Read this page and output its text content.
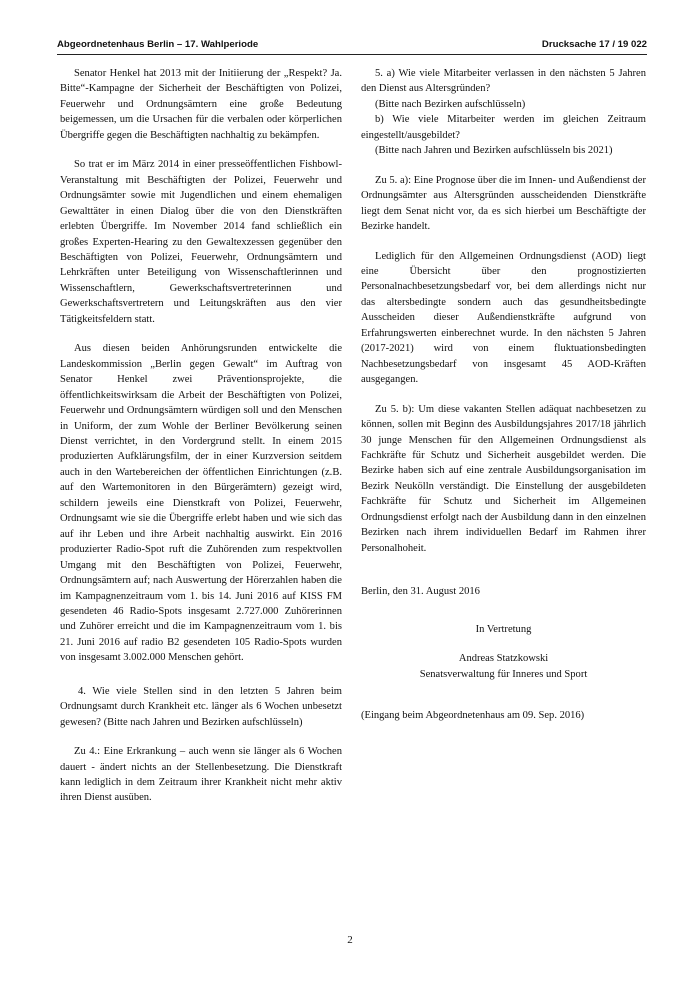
Abgeordnetenhaus Berlin – 17. Wahlperiode	Drucksache 17 / 19 022

Senator Henkel hat 2013 mit der Initiierung der „Respekt? Ja. Bitte“-Kampagne der Sicherheit der Beschäftigten von Polizei, Feuerwehr und Ordnungsämtern eine große Bedeutung beigemessen, um die Ursachen für die verbalen oder körperlichen Übergriffe gegen die Beschäftigten nachhaltig zu bekämpfen.

So trat er im März 2014 in einer presseöffentlichen Fishbowl-Veranstaltung mit Beschäftigten der Polizei, Feuerwehr und Ordnungsämter sowie mit Jugendlichen und einem ehemaligen Gewalttäter in einen Dialog über die von den Dienstkräften erlebten Übergriffe. Im November 2014 fand schließlich ein großes Experten-Hearing zu den Gewaltexzessen gegenüber den Beschäftigten von Polizei, Feuerwehr, Ordnungsämtern und Lehrkräften unter Beteiligung von Wissenschaftlerinnen und Wissenschaftlern, Gewerkschaftsvertreterinnen und Gewerkschaftsvertretern und Leitungskräften aus den vier Tätigkeitsfeldern statt.

Aus diesen beiden Anhörungsrunden entwickelte die Landeskommission „Berlin gegen Gewalt“ im Auftrag von Senator Henkel zwei Präventionsprojekte, die öffentlichkeitswirksam die Arbeit der Beschäftigten von Polizei, Feuerwehr und Ordnungsämtern würdigen soll und den Menschen in Uniform, der zum Wohle der Berliner Bevölkerung seinen Dienst verrichtet, in den Vordergrund stellt. In einem 2015 produzierten Aufklärungsfilm, der in einer Kurzversion seitdem auch in den Wartebereichen der öffentlichen Einrichtungen (z.B. auf den Wartemonitoren in den Bürgerämtern) gezeigt wird, schildern jeweils eine Dienstkraft von Polizei, Feuerwehr, Ordnungsamt wie sie die Übergriffe erlebt haben und wie sich das auf ihr Leben und ihre Arbeit nachhaltig auswirkt. Ein 2016 produzierter Radio-Spot ruft die Zuhörenden zum respektvollen Umgang mit den Beschäftigten von Polizei, Feuerwehr, Ordnungsämtern auf; nach Auswertung der Hörerzahlen haben die im Kampagnenzeitraum vom 1. bis 14. Juni 2016 auf KISS FM gesendeten 46 Radio-Spots insgesamt 2.727.000 Zuhörerinnen und Zuhörer erreicht und die im Kampagnenzeitraum vom 1. bis 21. Juni 2016 auf radio B2 gesendeten 105 Radio-Spots wurden von insgesamt 3.002.000 Menschen gehört.

4. Wie viele Stellen sind in den letzten 5 Jahren beim Ordnungsamt durch Krankheit etc. länger als 6 Wochen unbesetzt gewesen? (Bitte nach Jahren und Bezirken aufschlüsseln)

Zu 4.: Eine Erkrankung – auch wenn sie länger als 6 Wochen dauert - ändert nichts an der Stellenbesetzung. Die Dienstkraft kann lediglich in dem Zeitraum ihrer Krankheit nicht mehr aktiv ihren Dienst ausüben.

5. a) Wie viele Mitarbeiter verlassen in den nächsten 5 Jahren den Dienst aus Altersgründen?

(Bitte nach Bezirken aufschlüsseln)

b) Wie viele Mitarbeiter werden im gleichen Zeitraum eingestellt/ausgebildet?

(Bitte nach Jahren und Bezirken aufschlüsseln bis 2021)

Zu 5. a): Eine Prognose über die im Innen- und Außendienst der Ordnungsämter aus Altersgründen ausscheidenden Dienstkräfte liegt dem Senat nicht vor, da es sich hierbei um Beschäftigte der Bezirke handelt.

Lediglich für den Allgemeinen Ordnungsdienst (AOD) liegt eine Übersicht über den prognostizierten Personalnachbesetzungsbedarf vor, bei dem allerdings nicht nur das altersbedingte sondern auch das gesundheitsbedingte Ausscheiden dieser Außendienstkräfte aufgrund von Erfahrungswerten einberechnet wurde. In den nächsten 5 Jahren (2017-2021) wird von einem fluktuationsbedingten Nachbesetzungsbedarf von insgesamt 45 AOD-Kräften ausgegangen.

Zu 5. b): Um diese vakanten Stellen adäquat nachbesetzen zu können, sollen mit Beginn des Ausbildungsjahres 2017/18 jährlich 30 junge Menschen für den Allgemeinen Ordnungsdienst als Fachkräfte für Schutz und Sicherheit ausgebildet werden. Die Bezirke haben sich auf eine zentrale Ausbildungsorganisation im Bezirk Neukölln verständigt. Die Einstellung der ausgebildeten Fachkräfte für Schutz und Sicherheit im Allgemeinen Ordnungsdienst erfolgt nach der Ausbildung dann in den einzelnen Bezirken nach ihrem individuellen Bedarf im Rahmen ihrer Personalhoheit.

Berlin, den 31. August 2016

In Vertretung

Andreas Statzkowski

Senatsverwaltung für Inneres und Sport

(Eingang beim Abgeordnetenhaus am 09. Sep. 2016)

2
